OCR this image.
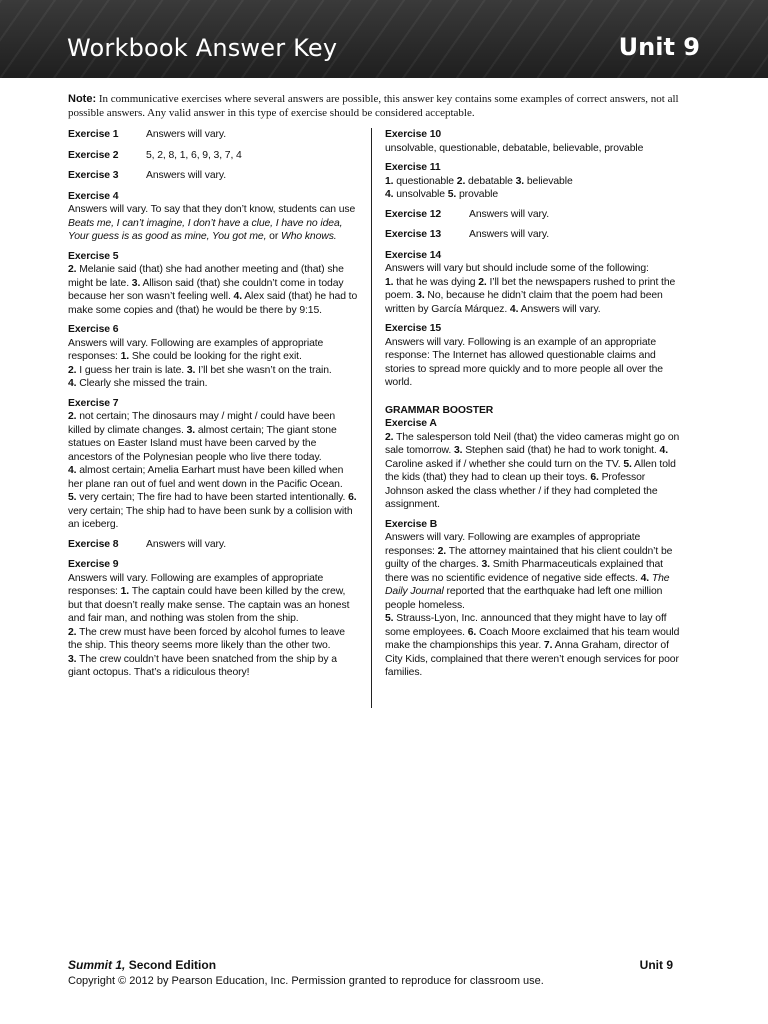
Workbook Answer Key	Unit 9
Note: In communicative exercises where several answers are possible, this answer key contains some examples of correct answers, not all possible answers. Any valid answer in this type of exercise should be considered acceptable.
Exercise 1	Answers will vary.
Exercise 2	5, 2, 8, 1, 6, 9, 3, 7, 4
Exercise 3	Answers will vary.
Exercise 4
Answers will vary. To say that they don’t know, students can use Beats me, I can’t imagine, I don’t have a clue, I have no idea, Your guess is as good as mine, You got me, or Who knows.
Exercise 5
2. Melanie said (that) she had another meeting and (that) she might be late. 3. Allison said (that) she couldn’t come in today because her son wasn’t feeling well. 4. Alex said (that) he had to make some copies and (that) he would be there by 9:15.
Exercise 6
Answers will vary. Following are examples of appropriate responses: 1. She could be looking for the right exit.
2. I guess her train is late. 3. I’ll bet she wasn’t on the train.
4. Clearly she missed the train.
Exercise 7
2. not certain; The dinosaurs may / might / could have been killed by climate changes. 3. almost certain; The giant stone statues on Easter Island must have been carved by the ancestors of the Polynesian people who live there today.
4. almost certain; Amelia Earhart must have been killed when her plane ran out of fuel and went down in the Pacific Ocean.
5. very certain; The fire had to have been started intentionally. 6. very certain; The ship had to have been sunk by a collision with an iceberg.
Exercise 8	Answers will vary.
Exercise 9
Answers will vary. Following are examples of appropriate responses: 1. The captain could have been killed by the crew, but that doesn’t really make sense. The captain was an honest and fair man, and nothing was stolen from the ship.
2. The crew must have been forced by alcohol fumes to leave the ship. This theory seems more likely than the other two.
3. The crew couldn’t have been snatched from the ship by a giant octopus. That’s a ridiculous theory!
Exercise 10
unsolvable, questionable, debatable, believable, provable
Exercise 11
1. questionable 2. debatable 3. believable
4. unsolvable 5. provable
Exercise 12	Answers will vary.
Exercise 13	Answers will vary.
Exercise 14
Answers will vary but should include some of the following:
1. that he was dying 2. I’ll bet the newspapers rushed to print the poem. 3. No, because he didn’t claim that the poem had been written by García Márquez. 4. Answers will vary.
Exercise 15
Answers will vary. Following is an example of an appropriate response: The Internet has allowed questionable claims and stories to spread more quickly and to more people all over the world.
GRAMMAR BOOSTER
Exercise A
2. The salesperson told Neil (that) the video cameras might go on sale tomorrow. 3. Stephen said (that) he had to work tonight. 4. Caroline asked if / whether she could turn on the TV. 5. Allen told the kids (that) they had to clean up their toys. 6. Professor Johnson asked the class whether / if they had completed the assignment.
Exercise B
Answers will vary. Following are examples of appropriate responses: 2. The attorney maintained that his client couldn’t be guilty of the charges. 3. Smith Pharmaceuticals explained that there was no scientific evidence of negative side effects. 4. The Daily Journal reported that the earthquake had left one million people homeless.
5. Strauss-Lyon, Inc. announced that they might have to lay off some employees. 6. Coach Moore exclaimed that his team would make the championships this year. 7. Anna Graham, director of City Kids, complained that there weren’t enough services for poor families.
Summit 1, Second Edition	Unit 9
Copyright © 2012 by Pearson Education, Inc. Permission granted to reproduce for classroom use.
